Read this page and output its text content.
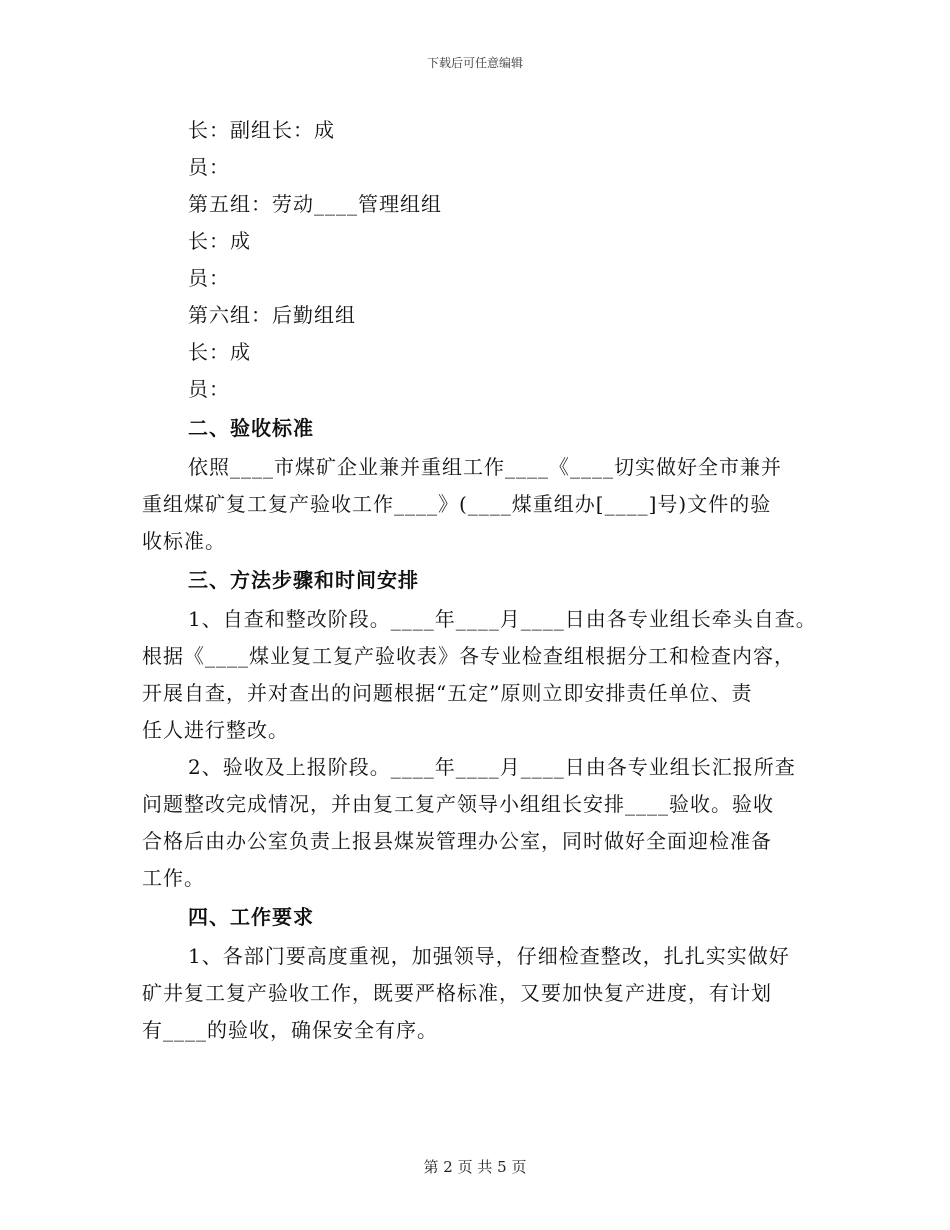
下载后可任意编辑
长：副组长：成
员：
第五组：劳动____管理组组
长：成
员：
第六组：后勤组组
长：成
员：
二、验收标准
依照____市煤矿企业兼并重组工作____《____切实做好全市兼并
重组煤矿复工复产验收工作____》(____煤重组办[____]号)文件的验
收标准。
三、方法步骤和时间安排
1、自查和整改阶段。____年____月____日由各专业组长牵头自查。
根据《____煤业复工复产验收表》各专业检查组根据分工和检查内容，
开展自查，并对查出的问题根据“五定”原则立即安排责任单位、责
任人进行整改。
2、验收及上报阶段。____年____月____日由各专业组长汇报所查
问题整改完成情况，并由复工复产领导小组组长安排____验收。验收
合格后由办公室负责上报县煤炭管理办公室，同时做好全面迎检准备
工作。
四、工作要求
1、各部门要高度重视，加强领导，仔细检查整改，扎扎实实做好
矿井复工复产验收工作，既要严格标准，又要加快复产进度，有计划
有____的验收，确保安全有序。
第 2 页 共 5 页
